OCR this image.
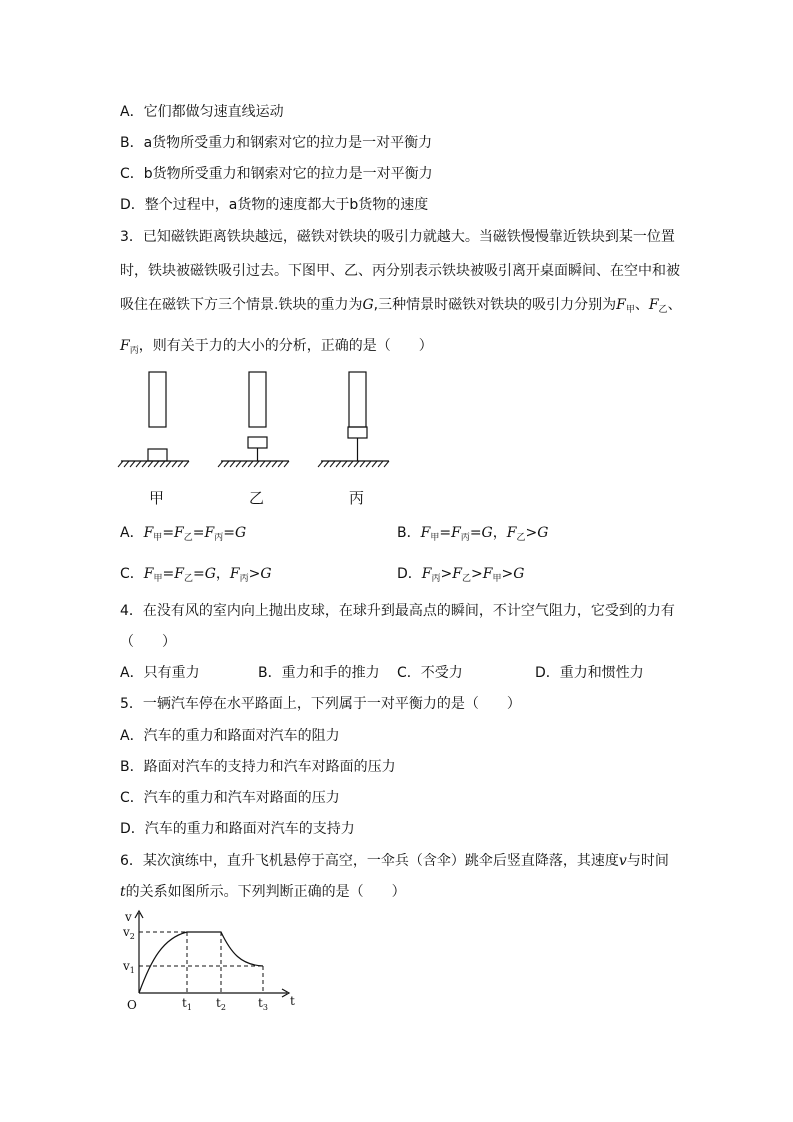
A．它们都做匀速直线运动
B．a货物所受重力和钢索对它的拉力是一对平衡力
C．b货物所受重力和钢索对它的拉力是一对平衡力
D．整个过程中，a货物的速度都大于b货物的速度
3．已知磁铁距离铁块越远，磁铁对铁块的吸引力就越大。当磁铁慢慢靠近铁块到某一位置
时，铁块被磁铁吸引过去。下图甲、乙、丙分别表示铁块被吸引离开桌面瞬间、在空中和被
吸住在磁铁下方三个情景.铁块的重力为G,三种情景时磁铁对铁块的吸引力分别为$F_甲$、$F_乙$、
$F_丙$，则有关于力的大小的分析，正确的是（　　）
甲	乙	丙
A．$F_甲=F_乙=F_丙=G$	B．$F_甲=F_丙=G$，$F_乙>G$
C．$F_甲=F_乙=G$，$F_丙>G$	D．$F_丙>F_乙>F_甲>G$
4．在没有风的室内向上抛出皮球，在球升到最高点的瞬间，不计空气阻力，它受到的力有
（　　）
A．只有重力	B．重力和手的推力 C．不受力	D．重力和惯性力
5．一辆汽车停在水平路面上，下列属于一对平衡力的是（　　）
A．汽车的重力和路面对汽车的阻力
B．路面对汽车的支持力和汽车对路面的压力
C．汽车的重力和汽车对路面的压力
D．汽车的重力和路面对汽车的支持力
6．某次演练中，直升飞机悬停于高空，一伞兵（含伞）跳伞后竖直降落，其速度v与时间
t的关系如图所示。下列判断正确的是（　　）
v
t
O
$v_2$
$v_1$
$t_1$ $t_2$	$t_3$
